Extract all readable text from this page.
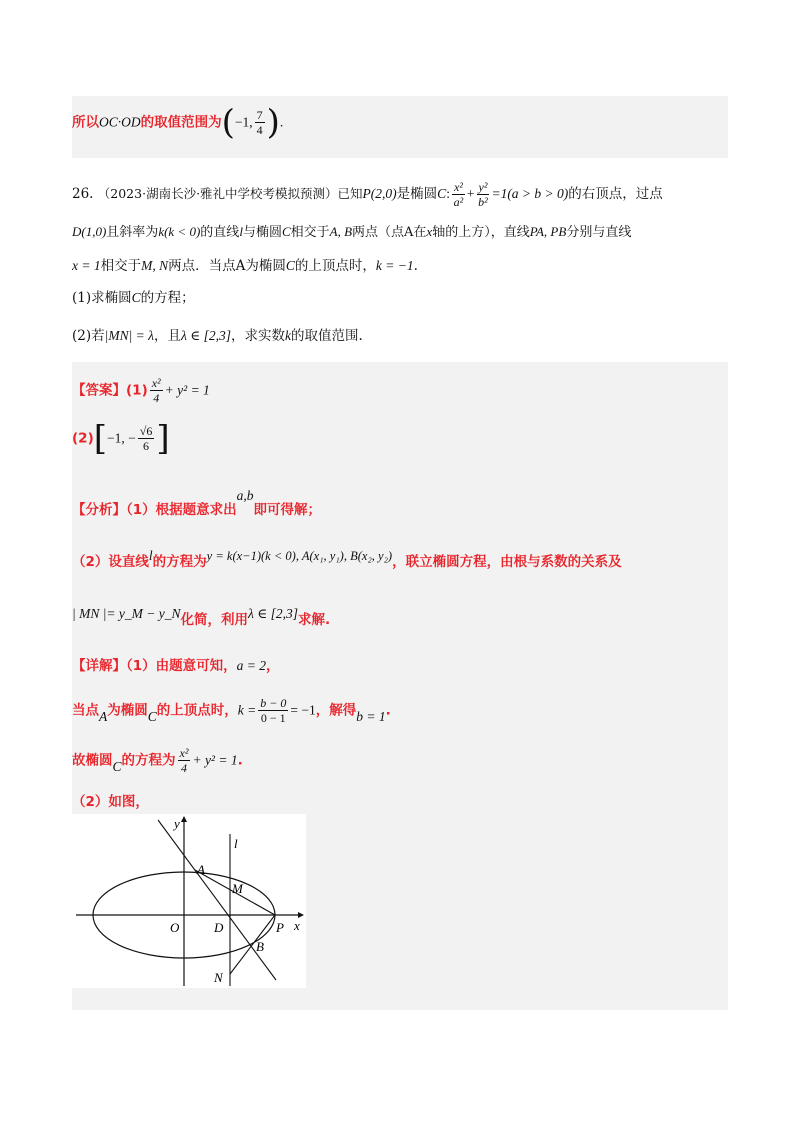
所以OC·OD的取值范围为(−1, $\frac{7}{4}$ ).
26. （2023·湖南长沙·雅礼中学校考模拟预测）已知P(2,0)是椭圆C: $\frac{\text{x²}}{\text{a²}} + \frac{\text{y²}}{\text{b²}} =1(a > b > 0)$的右顶点，过点
D(1,0)且斜率为k(k < 0)的直线l与椭圆C相交于A, B两点（点A在x轴的上方），直线PA, PB分别与直线
x = 1相交于M, N两点．当点A为椭圆C的上顶点时，k = −1.
(1)求椭圆C的方程；
(2)若|MN| = λ，且λ ∈ [2,3]，求实数k的取值范围.
【答案】$(1) \frac{\text{x²}}{4} + y^2 = 1$
(2)[−1, − $\frac{√6}{6}$ ]
【分析】（1）根据题意求出a,b即可得解；
（2）设直线l的方程为y = k(x−1)(k < 0), A(x₁, y₁), B(x₂, y₂)，联立椭圆方程，由根与系数的关系及
| MN |= y_M − y_N化简，利用λ ∈ [2,3]求解.
【详解】（1）由题意可知，a = 2，
当点A为椭圆C的上顶点时，$k = \frac{b - 0}{0 - 1} = -1$，解得b = 1.
故椭圆C的方程为 $\frac{\text{x²}}{4} + y^2 = 1$.
（2）如图，
y
l
A
M
O	D	P x
B
N
